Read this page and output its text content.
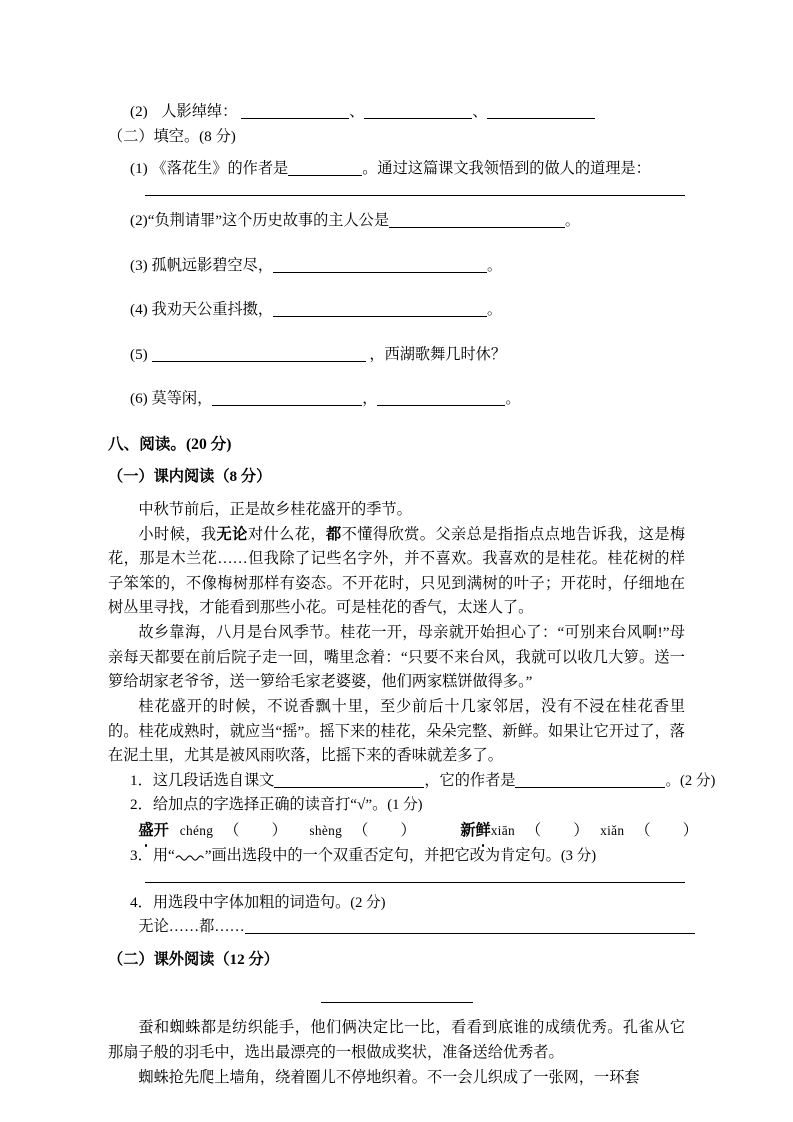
(2) 人影绰绰：	、	、
（二）填空。(8 分)
(1) 《落花生》的作者是	。通过这篇课文我领悟到的做人的道理是：
(2)“负荆请罪”这个历史故事的主人公是	。
(3) 孤帆远影碧空尽，	。
(4) 我劝天公重抖擞，	。
(5)	，西湖歌舞几时休？
(6) 莫等闲，	，	。
八、阅读。(20 分)
（一）课内阅读（8 分）
中秋节前后，正是故乡桂花盛开的季节。
小时候，我无论对什么花，都不懂得欣赏。父亲总是指指点点地告诉我，这是梅花，那是木兰花……但我除了记些名字外，并不喜欢。我喜欢的是桂花。桂花树的样子笨笨的，不像梅树那样有姿态。不开花时，只见到满树的叶子；开花时，仔细地在树丛里寻找，才能看到那些小花。可是桂花的香气，太迷人了。
故乡靠海，八月是台风季节。桂花一开，母亲就开始担心了：“可别来台风啊!”母亲每天都要在前后院子走一回，嘴里念着：“只要不来台风，我就可以收几大箩。送一箩给胡家老爷爷，送一箩给毛家老婆婆，他们两家糕饼做得多。”
桂花盛开的时候，不说香飘十里，至少前后十几家邻居，没有不浸在桂花香里的。桂花成熟时，就应当“摇”。摇下来的桂花，朵朵完整、新鲜。如果让它开过了，落在泥土里，尤其是被风雨吹落，比摇下来的香味就差多了。
1．这几段话选自课文	，它的作者是	。(2 分)
2．给加点的字选择正确的读音打“√”。(1 分)
盛开 chéng （　　） shèng （　　）	新鲜xiān （　　） xiǎn （　　）
3．用“ ”画出选段中的一个双重否定句，并把它改为肯定句。(3 分)
4．用选段中字体加粗的词造句。(2 分)
无论……都……
（二）课外阅读（12 分）
蚕和蜘蛛都是纺织能手，他们俩决定比一比，看看到底谁的成绩优秀。孔雀从它那扇子般的羽毛中，选出最漂亮的一根做成奖状，准备送给优秀者。
蜘蛛抢先爬上墙角，绕着圈儿不停地织着。不一会儿织成了一张网，一环套
